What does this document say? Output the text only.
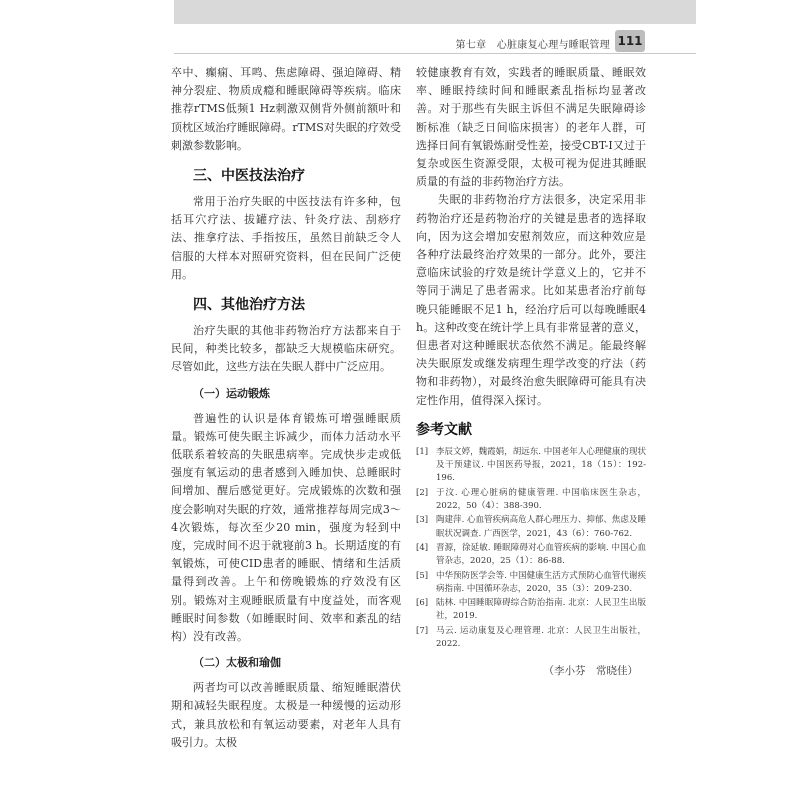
第七章　心脏康复心理与睡眠管理 111

卒中、癫痫、耳鸣、焦虑障碍、强迫障碍、精神分裂症、物质成瘾和睡眠障碍等疾病。临床推荐rTMS低频1 Hz刺激双侧背外侧前额叶和顶枕区域治疗睡眠障碍。rTMS对失眠的疗效受刺激参数影响。

三、中医技法治疗

常用于治疗失眠的中医技法有许多种，包括耳穴疗法、拔罐疗法、针灸疗法、刮痧疗法、推拿疗法、手指按压，虽然目前缺乏令人信服的大样本对照研究资料，但在民间广泛使用。

四、其他治疗方法

治疗失眠的其他非药物治疗方法都来自于民间，种类比较多，都缺乏大规模临床研究。尽管如此，这些方法在失眠人群中广泛应用。

（一）运动锻炼

普遍性的认识是体育锻炼可增强睡眠质量。锻炼可使失眠主诉减少，而体力活动水平低联系着较高的失眠患病率。完成快步走或低强度有氧运动的患者感到入睡加快、总睡眠时间增加、醒后感觉更好。完成锻炼的次数和强度会影响对失眠的疗效，通常推荐每周完成3～4次锻炼，每次至少20 min，强度为轻到中度，完成时间不迟于就寝前3 h。长期适度的有氧锻炼，可使CID患者的睡眠、情绪和生活质量得到改善。上午和傍晚锻炼的疗效没有区别。锻炼对主观睡眠质量有中度益处，而客观睡眠时间参数（如睡眠时间、效率和紊乱的结构）没有改善。

（二）太极和瑜伽

两者均可以改善睡眠质量、缩短睡眠潜伏期和减轻失眠程度。太极是一种缓慢的运动形式，兼具放松和有氧运动要素，对老年人具有吸引力。太极

较健康教育有效，实践者的睡眠质量、睡眠效率、睡眠持续时间和睡眠紊乱指标均显著改善。对于那些有失眠主诉但不满足失眠障碍诊断标准（缺乏日间临床损害）的老年人群，可选择日间有氧锻炼耐受性差，接受CBT-I又过于复杂或医生资源受限，太极可视为促进其睡眠质量的有益的非药物治疗方法。

失眠的非药物治疗方法很多，决定采用非药物治疗还是药物治疗的关键是患者的选择取向，因为这会增加安慰剂效应，而这种效应是各种疗法最终治疗效果的一部分。此外，要注意临床试验的疗效是统计学意义上的，它并不等同于满足了患者需求。比如某患者治疗前每晚只能睡眠不足1 h，经治疗后可以每晚睡眠4 h。这种改变在统计学上具有非常显著的意义，但患者对这种睡眠状态依然不满足。能最终解决失眠原发或继发病理生理学改变的疗法（药物和非药物），对最终治愈失眠障碍可能具有决定性作用，值得深入探讨。

参考文献
[1] 李辰文婷，魏霞娟，胡远东. 中国老年人心理健康的现状及干预建议. 中国医药导报，2021，18（15）：192-196.
[2] 于汶. 心理心脏病的健康管理. 中国临床医生杂志，2022，50（4）：388-390.
[3] 陶建萍. 心血管疾病高危人群心理压力、抑郁、焦虑及睡眠状况调查. 广西医学，2021，43（6）：760-762.
[4] 晋源，徐延敏. 睡眠障碍对心血管疾病的影响. 中国心血管杂志，2020，25（1）：86-88.
[5] 中华预防医学会等. 中国健康生活方式预防心血管代谢疾病指南. 中国循环杂志，2020，35（3）：209-230.
[6] 陆林. 中国睡眠障碍综合防治指南. 北京：人民卫生出版社，2019.
[7] 马云. 运动康复及心理管理. 北京：人民卫生出版社，2022.
（李小芬　常晓佳）
